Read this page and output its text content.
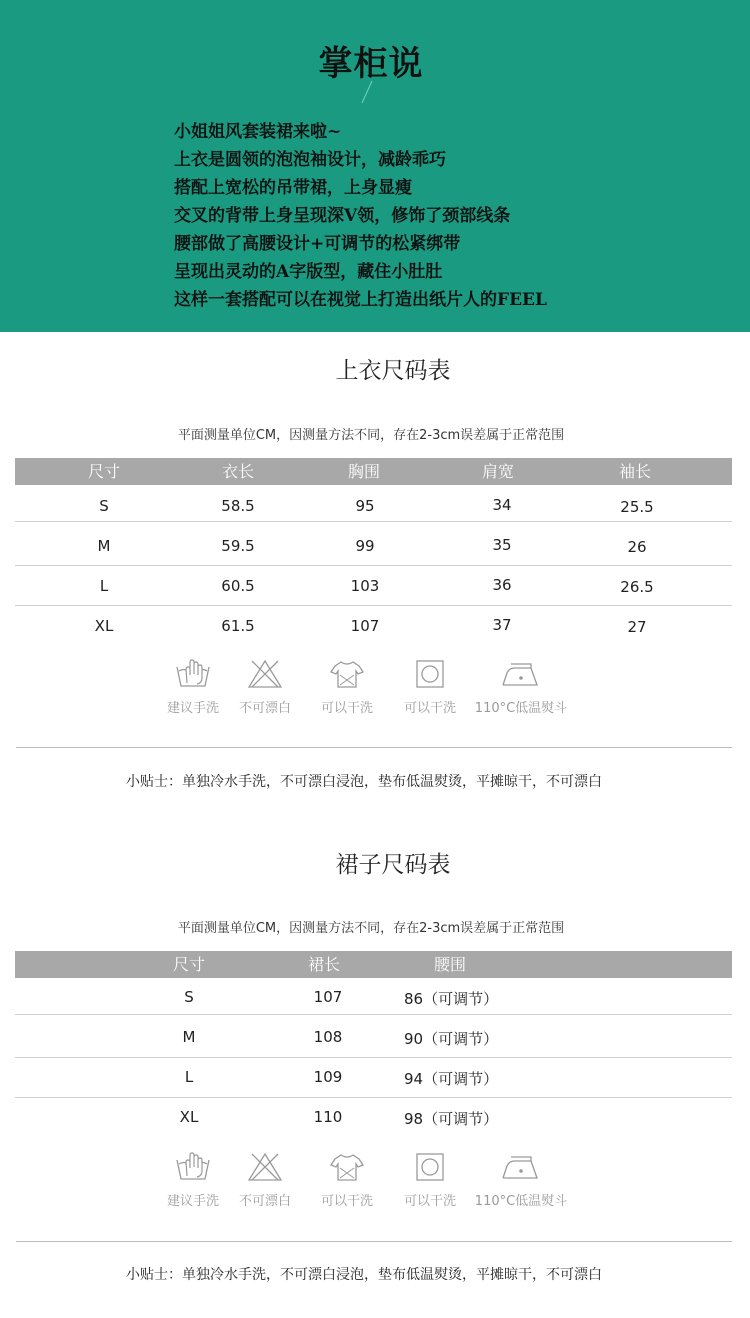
掌柜说
小姐姐风套装裙来啦~
上衣是圆领的泡泡袖设计，减龄乖巧
搭配上宽松的吊带裙，上身显瘦
交叉的背带上身呈现深V领，修饰了颈部线条
腰部做了高腰设计+可调节的松紧绑带
呈现出灵动的A字版型，藏住小肚肚
这样一套搭配可以在视觉上打造出纸片人的FEEL
上衣尺码表
平面测量单位CM，因测量方法不同，存在2-3cm误差属于正常范围
尺寸	衣长	胸围	肩宽	袖长
S	58.5	95	34	25.5
M	59.5	99	35	26
L	60.5	103	36	26.5
XL	61.5	107	37	27
建议手洗	不可漂白	可以干洗	可以干洗	110°C低温熨斗
小贴士：单独冷水手洗，不可漂白浸泡，垫布低温熨烫，平摊晾干，不可漂白
裙子尺码表
平面测量单位CM，因测量方法不同，存在2-3cm误差属于正常范围
尺寸	裙长	腰围
S	107	86（可调节）
M	108	90（可调节）
L	109	94（可调节）
XL	110	98（可调节）
建议手洗	不可漂白	可以干洗	可以干洗	110°C低温熨斗
小贴士：单独冷水手洗，不可漂白浸泡，垫布低温熨烫，平摊晾干，不可漂白
